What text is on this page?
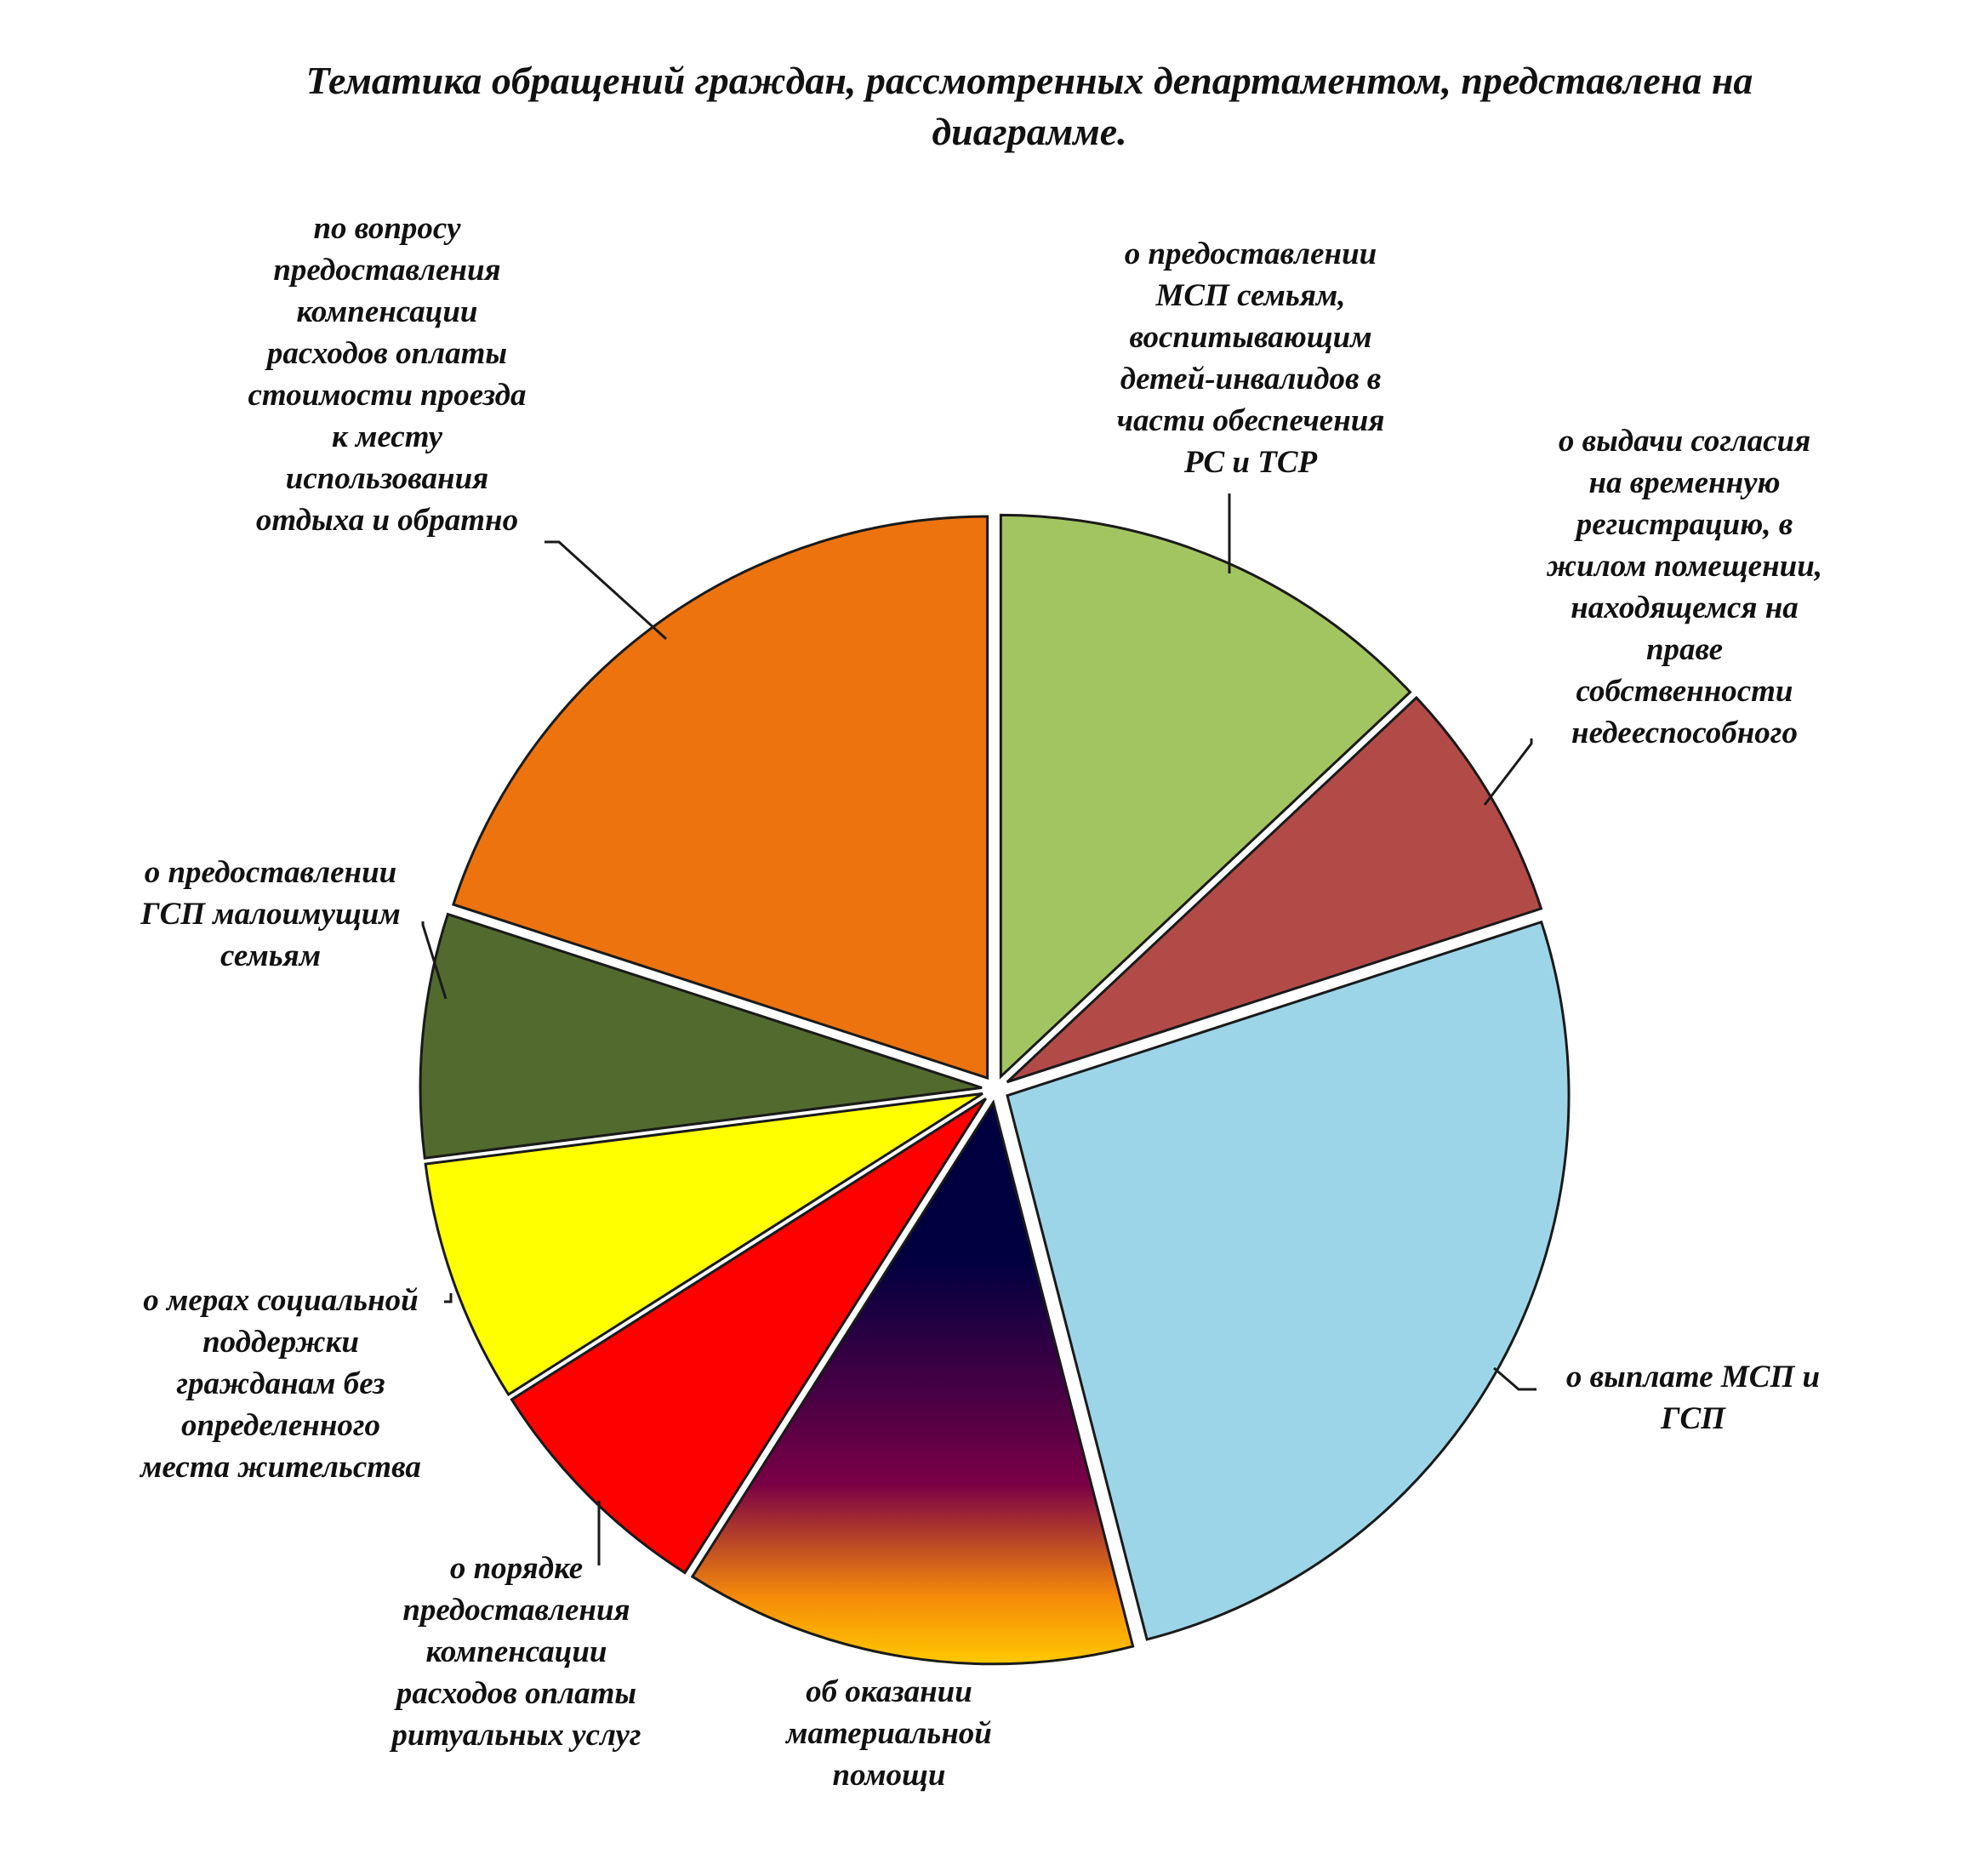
Тематика обращений граждан, рассмотренных департаментом, представлена на
диаграмме.
о предоставлении МСП семьям, воспитывающим детей-инвалидов в части обеспечения РС и ТСР
о выдачи согласия на временную регистрацию, в жилом помещении, находящемся на праве собственности недееспособного
о выплате МСП и ГСП
об оказании материальной помощи
о порядке предоставления компенсации расходов оплаты ритуальных услуг
о мерах социальной поддержки гражданам без определенного места жительства
о предоставлении ГСП малоимущим семьям
по вопросу предоставления компенсации расходов оплаты стоимости проезда к месту использования отдыха и обратно
